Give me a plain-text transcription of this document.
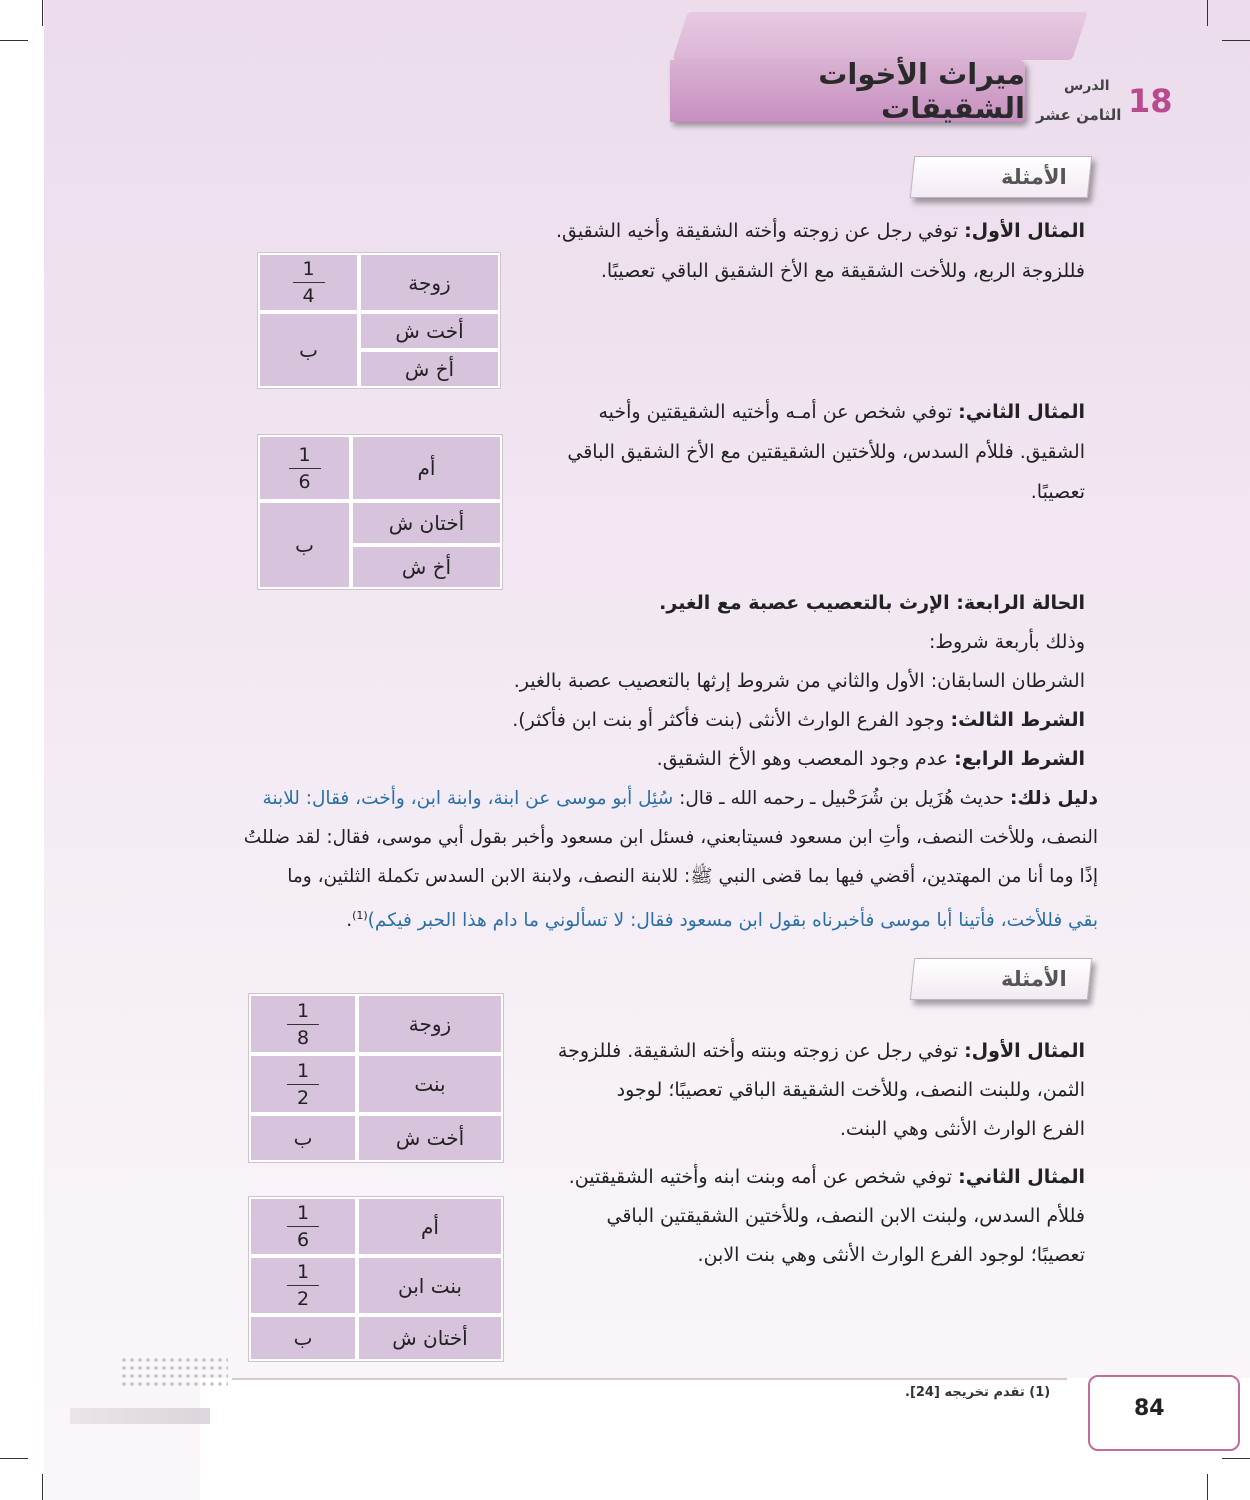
ميراث الأخوات الشقيقات	18
الدرس
الثامن عشر
الأمثلة
المثال الأول: توفي رجل عن زوجته وأخته الشقيقة وأخيه الشقيق.
فللزوجة الربع، وللأخت الشقيقة مع الأخ الشقيق الباقي تعصيبًا.
زوجة	$\frac{1}{4}$

أخت ش	ب
أخ ش	
المثال الثاني: توفي شخص عن أمـه وأختيه الشقيقتين وأخيه
الشقيق. فللأم السدس، وللأختين الشقيقتين مع الأخ الشقيق الباقي
تعصيبًا.
أم	$\frac{1}{6}$

أختان ش	ب
أخ ش	
الحالة الرابعة: الإرث بالتعصيب عصبة مع الغير.
وذلك بأربعة شروط:
الشرطان السابقان: الأول والثاني من شروط إرثها بالتعصيب عصبة بالغير.
الشرط الثالث: وجود الفرع الوارث الأنثى (بنت فأكثر أو بنت ابن فأكثر).
الشرط الرابع: عدم وجود المعصب وهو الأخ الشقيق.
دليل ذلك: حديث هُزَيل بن شُرَحْبيل ـ رحمه الله ـ قال: سُئِل أبو موسى عن ابنة، وابنة ابن، وأخت، فقال: للابنة
النصف، وللأخت النصف، وأتِ ابن مسعود فسيتابعني، فسئل ابن مسعود وأخبر بقول أبي موسى، فقال: لقد ضللتُ
إذًا وما أنا من المهتدين، أقضي فيها بما قضى النبي ﷺ: للابنة النصف، ولابنة الابن السدس تكملة الثلثين، وما
بقي فللأخت، فأتينا أبا موسى فأخبرناه بقول ابن مسعود فقال: لا تسألوني ما دام هذا الحبر فيكم)$^{(1)}$.
الأمثلة
المثال الأول: توفي رجل عن زوجته وبنته وأخته الشقيقة. فللزوجة
الثمن، وللبنت النصف، وللأخت الشقيقة الباقي تعصيبًا؛ لوجود
الفرع الوارث الأنثى وهي البنت.
زوجة	$\frac{1}{8}$

بنت	$\frac{1}{2}$

أخت ش	ب
المثال الثاني: توفي شخص عن أمه وبنت ابنه وأختيه الشقيقتين.
فللأم السدس، ولبنت الابن النصف، وللأختين الشقيقتين الباقي
تعصيبًا؛ لوجود الفرع الوارث الأنثى وهي بنت الابن.
أم	$\frac{1}{6}$

بنت ابن	$\frac{1}{2}$

أختان ش	ب
(1) تقدم تخريجه [24].
84
